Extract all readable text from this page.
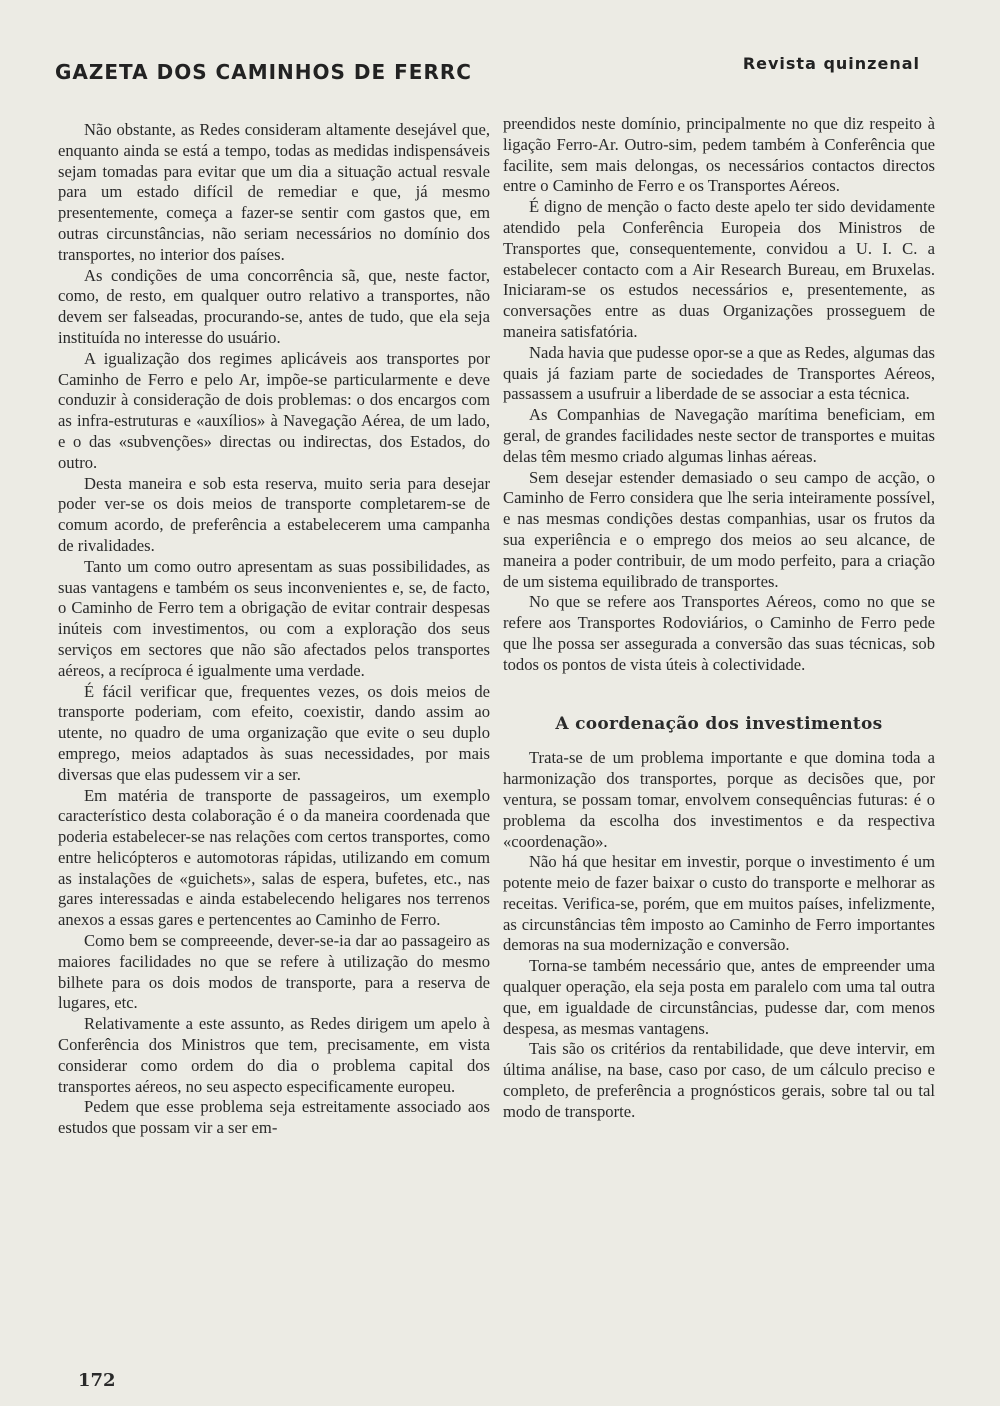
GAZETA DOS CAMINHOS DE FERRC	Revista quinzenal

Não obstante, as Redes consideram altamente desejável que, enquanto ainda se está a tempo, todas as medidas indispensáveis sejam tomadas para evitar que um dia a situação actual resvale para um estado difícil de remediar e que, já mesmo presentemente, começa a fazer-se sentir com gastos que, em outras circunstâncias, não seriam necessários no domínio dos transportes, no interior dos países.

As condições de uma concorrência sã, que, neste factor, como, de resto, em qualquer outro relativo a transportes, não devem ser falseadas, procurando-se, antes de tudo, que ela seja instituída no interesse do usuário.

A igualização dos regimes aplicáveis aos transportes por Caminho de Ferro e pelo Ar, impõe-se particularmente e deve conduzir à consideração de dois problemas: o dos encargos com as infra-estruturas e «auxílios» à Navegação Aérea, de um lado, e o das «subvenções» directas ou indirectas, dos Estados, do outro.

Desta maneira e sob esta reserva, muito seria para desejar poder ver-se os dois meios de transporte completarem-se de comum acordo, de preferência a estabelecerem uma campanha de rivalidades.

Tanto um como outro apresentam as suas possibilidades, as suas vantagens e também os seus inconvenientes e, se, de facto, o Caminho de Ferro tem a obrigação de evitar contrair despesas inúteis com investimentos, ou com a exploração dos seus serviços em sectores que não são afectados pelos transportes aéreos, a recíproca é igualmente uma verdade.

É fácil verificar que, frequentes vezes, os dois meios de transporte poderiam, com efeito, coexistir, dando assim ao utente, no quadro de uma organização que evite o seu duplo emprego, meios adaptados às suas necessidades, por mais diversas que elas pudessem vir a ser.

Em matéria de transporte de passageiros, um exemplo característico desta colaboração é o da maneira coordenada que poderia estabelecer-se nas relações com certos transportes, como entre helicópteros e automotoras rápidas, utilizando em comum as instalações de «guichets», salas de espera, bufetes, etc., nas gares interessadas e ainda estabelecendo heligares nos terrenos anexos a essas gares e pertencentes ao Caminho de Ferro.

Como bem se compreeende, dever-se-ia dar ao passageiro as maiores facilidades no que se refere à utilização do mesmo bilhete para os dois modos de transporte, para a reserva de lugares, etc.

Relativamente a este assunto, as Redes dirigem um apelo à Conferência dos Ministros que tem, precisamente, em vista considerar como ordem do dia o problema capital dos transportes aéreos, no seu aspecto especificamente europeu.

Pedem que esse problema seja estreitamente associado aos estudos que possam vir a ser em-

preendidos neste domínio, principalmente no que diz respeito à ligação Ferro-Ar. Outro-sim, pedem também à Conferência que facilite, sem mais delongas, os necessários contactos directos entre o Caminho de Ferro e os Transportes Aéreos.

É digno de menção o facto deste apelo ter sido devidamente atendido pela Conferência Europeia dos Ministros de Transportes que, consequentemente, convidou a U. I. C. a estabelecer contacto com a Air Research Bureau, em Bruxelas. Iniciaram-se os estudos necessários e, presentemente, as conversações entre as duas Organizações prosseguem de maneira satisfatória.

Nada havia que pudesse opor-se a que as Redes, algumas das quais já faziam parte de sociedades de Transportes Aéreos, passassem a usufruir a liberdade de se associar a esta técnica.

As Companhias de Navegação marítima beneficiam, em geral, de grandes facilidades neste sector de transportes e muitas delas têm mesmo criado algumas linhas aéreas.

Sem desejar estender demasiado o seu campo de acção, o Caminho de Ferro considera que lhe seria inteiramente possível, e nas mesmas condições destas companhias, usar os frutos da sua experiência e o emprego dos meios ao seu alcance, de maneira a poder contribuir, de um modo perfeito, para a criação de um sistema equilibrado de transportes.

No que se refere aos Transportes Aéreos, como no que se refere aos Transportes Rodoviários, o Caminho de Ferro pede que lhe possa ser assegurada a conversão das suas técnicas, sob todos os pontos de vista úteis à colectividade.

A coordenação dos investimentos

Trata-se de um problema importante e que domina toda a harmonização dos transportes, porque as decisões que, por ventura, se possam tomar, envolvem consequências futuras: é o problema da escolha dos investimentos e da respectiva «coordenação».

Não há que hesitar em investir, porque o investimento é um potente meio de fazer baixar o custo do transporte e melhorar as receitas. Verifica-se, porém, que em muitos países, infelizmente, as circunstâncias têm imposto ao Caminho de Ferro importantes demoras na sua modernização e conversão.

Torna-se também necessário que, antes de empreender uma qualquer operação, ela seja posta em paralelo com uma tal outra que, em igualdade de circunstâncias, pudesse dar, com menos despesa, as mesmas vantagens.

Tais são os critérios da rentabilidade, que deve intervir, em última análise, na base, caso por caso, de um cálculo preciso e completo, de preferência a prognósticos gerais, sobre tal ou tal modo de transporte.

172
